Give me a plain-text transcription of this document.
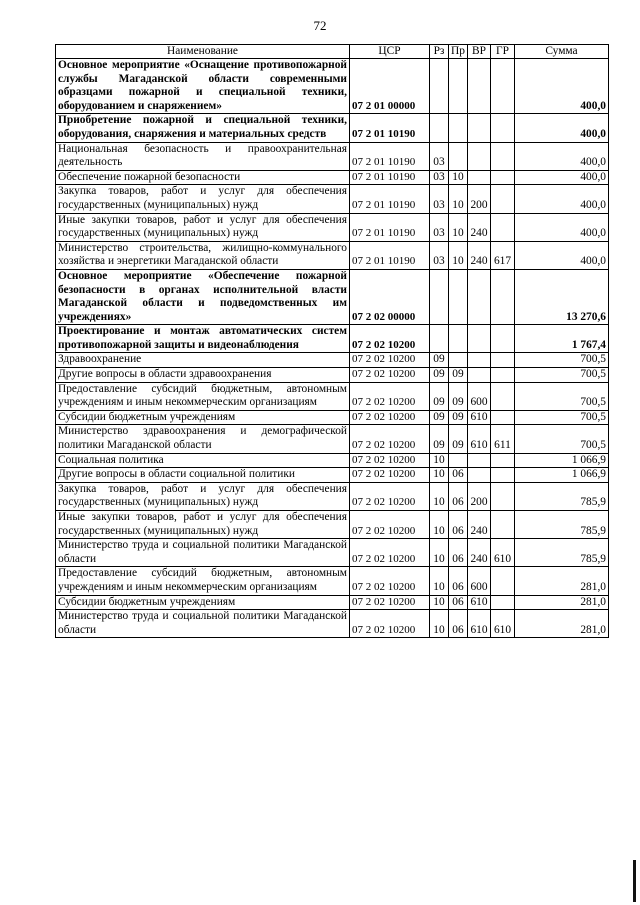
72
Наименование	ЦСР	Рз	Пр	ВР	ГР	Сумма
Основное мероприятие «Оснащение противопожарной службы Магаданской области современными образцами пожарной и специальной техники, оборудованием и снаряжением»	07 2 01 00000					400,0
Приобретение пожарной и специальной техники, оборудования, снаряжения и материальных средств	07 2 01 10190					400,0
Национальная безопасность и правоохранительная деятельность	07 2 01 10190	03				400,0
Обеспечение пожарной безопасности	07 2 01 10190	03	10			400,0
Закупка товаров, работ и услуг для обеспечения государственных (муниципальных) нужд	07 2 01 10190	03	10	200		400,0
Иные закупки товаров, работ и услуг для обеспечения государственных (муниципальных) нужд	07 2 01 10190	03	10	240		400,0
Министерство строительства, жилищно-коммунального хозяйства и энергетики Магаданской области	07 2 01 10190	03	10	240	617	400,0
Основное мероприятие «Обеспечение пожарной безопасности в органах исполнительной власти Магаданской области и подведомственных им учреждениях»	07 2 02 00000					13 270,6
Проектирование и монтаж автоматических систем противопожарной защиты и видеонаблюдения	07 2 02 10200					1 767,4
Здравоохранение	07 2 02 10200	09				700,5
Другие вопросы в области здравоохранения	07 2 02 10200	09	09			700,5
Предоставление субсидий бюджетным, автономным учреждениям и иным некоммерческим организациям	07 2 02 10200	09	09	600		700,5
Субсидии бюджетным учреждениям	07 2 02 10200	09	09	610		700,5
Министерство здравоохранения и демографической политики Магаданской области	07 2 02 10200	09	09	610	611	700,5
Социальная политика	07 2 02 10200	10				1 066,9
Другие вопросы в области социальной политики	07 2 02 10200	10	06			1 066,9
Закупка товаров, работ и услуг для обеспечения государственных (муниципальных) нужд	07 2 02 10200	10	06	200		785,9
Иные закупки товаров, работ и услуг для обеспечения государственных (муниципальных) нужд	07 2 02 10200	10	06	240		785,9
Министерство труда и социальной политики Магаданской области	07 2 02 10200	10	06	240	610	785,9
Предоставление субсидий бюджетным, автономным учреждениям и иным некоммерческим организациям	07 2 02 10200	10	06	600		281,0
Субсидии бюджетным учреждениям	07 2 02 10200	10	06	610		281,0
Министерство труда и социальной политики Магаданской области	07 2 02 10200	10	06	610	610	281,0
